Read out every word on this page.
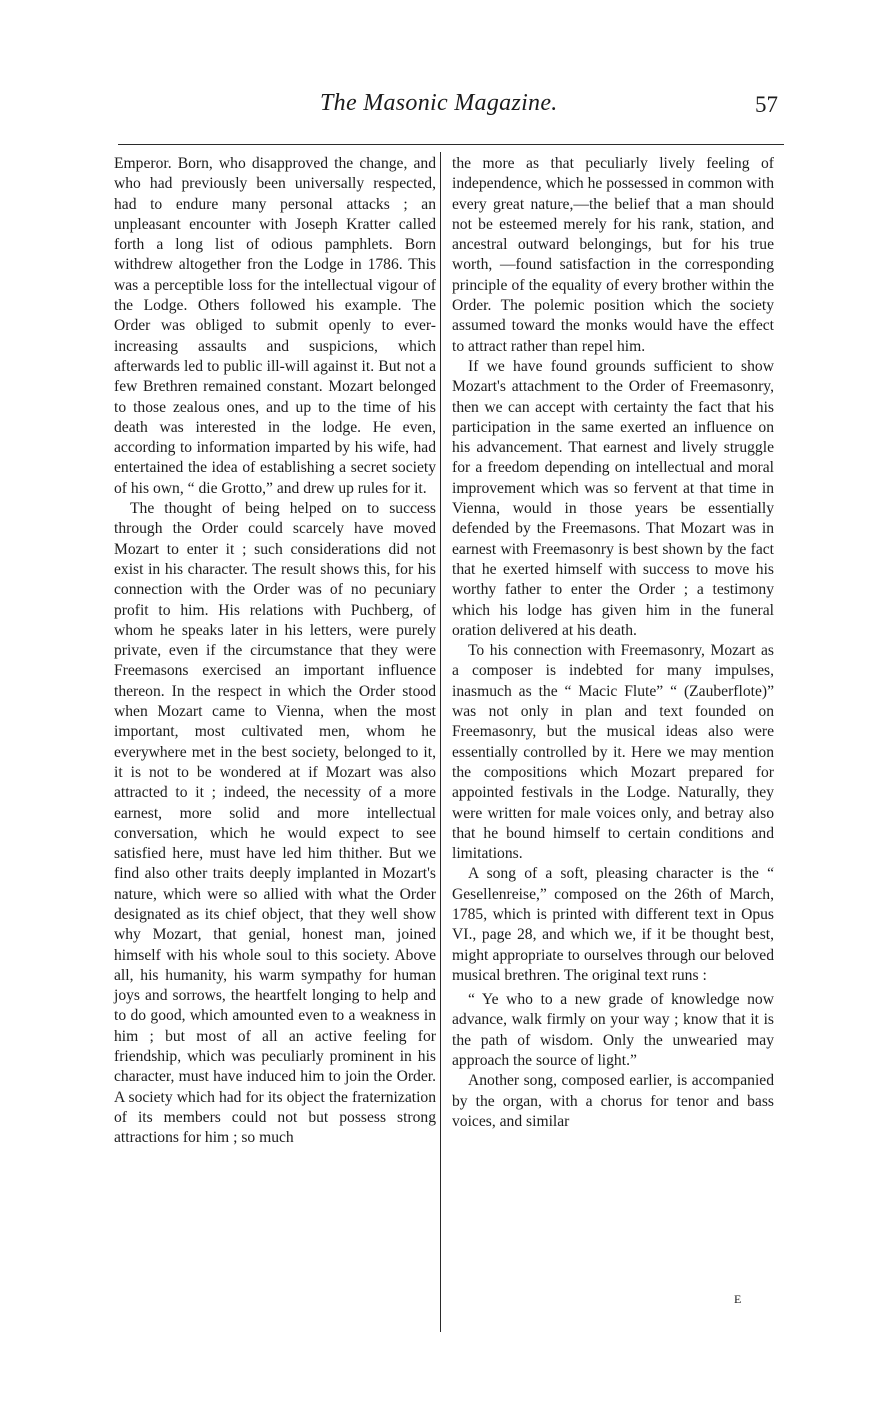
The Masonic Magazine.	57

Emperor. Born, who disapproved the change, and who had previously been universally respected, had to endure many personal attacks ; an unpleasant encounter with Joseph Kratter called forth a long list of odious pamphlets. Born withdrew altogether fron the Lodge in 1786. This was a perceptible loss for the intellectual vigour of the Lodge. Others followed his example. The Order was obliged to submit openly to ever-increasing assaults and suspicions, which afterwards led to public ill-will against it. But not a few Brethren remained constant. Mozart belonged to those zealous ones, and up to the time of his death was interested in the lodge. He even, according to information imparted by his wife, had entertained the idea of establishing a secret society of his own, “ die Grotto,” and drew up rules for it.

The thought of being helped on to success through the Order could scarcely have moved Mozart to enter it ; such considerations did not exist in his character. The result shows this, for his connection with the Order was of no pecuniary profit to him. His relations with Puchberg, of whom he speaks later in his letters, were purely private, even if the circumstance that they were Freemasons exercised an important influence thereon. In the respect in which the Order stood when Mozart came to Vienna, when the most important, most cultivated men, whom he everywhere met in the best society, belonged to it, it is not to be wondered at if Mozart was also attracted to it ; indeed, the necessity of a more earnest, more solid and more intellectual conversation, which he would expect to see satisfied here, must have led him thither. But we find also other traits deeply implanted in Mozart's nature, which were so allied with what the Order designated as its chief object, that they well show why Mozart, that genial, honest man, joined himself with his whole soul to this society. Above all, his humanity, his warm sympathy for human joys and sorrows, the heartfelt longing to help and to do good, which amounted even to a weakness in him ; but most of all an active feeling for friendship, which was peculiarly prominent in his character, must have induced him to join the Order. A society which had for its object the fraternization of its members could not but possess strong attractions for him ; so much

the more as that peculiarly lively feeling of independence, which he possessed in common with every great nature,—the belief that a man should not be esteemed merely for his rank, station, and ancestral outward belongings, but for his true worth, —found satisfaction in the corresponding principle of the equality of every brother within the Order. The polemic position which the society assumed toward the monks would have the effect to attract rather than repel him.

If we have found grounds sufficient to show Mozart's attachment to the Order of Freemasonry, then we can accept with certainty the fact that his participation in the same exerted an influence on his advancement. That earnest and lively struggle for a freedom depending on intellectual and moral improvement which was so fervent at that time in Vienna, would in those years be essentially defended by the Freemasons. That Mozart was in earnest with Freemasonry is best shown by the fact that he exerted himself with success to move his worthy father to enter the Order ; a testimony which his lodge has given him in the funeral oration delivered at his death.

To his connection with Freemasonry, Mozart as a composer is indebted for many impulses, inasmuch as the “ Macic Flute” “ (Zauberflote)” was not only in plan and text founded on Freemasonry, but the musical ideas also were essentially controlled by it. Here we may mention the compositions which Mozart prepared for appointed festivals in the Lodge. Naturally, they were written for male voices only, and betray also that he bound himself to certain conditions and limitations.

A song of a soft, pleasing character is the “ Gesellenreise,” composed on the 26th of March, 1785, which is printed with different text in Opus VI., page 28, and which we, if it be thought best, might appropriate to ourselves through our beloved musical brethren. The original text runs :

“ Ye who to a new grade of knowledge now advance, walk firmly on your way ; know that it is the path of wisdom. Only the unwearied may approach the source of light.”

Another song, composed earlier, is accompanied by the organ, with a chorus for tenor and bass voices, and similar

E
